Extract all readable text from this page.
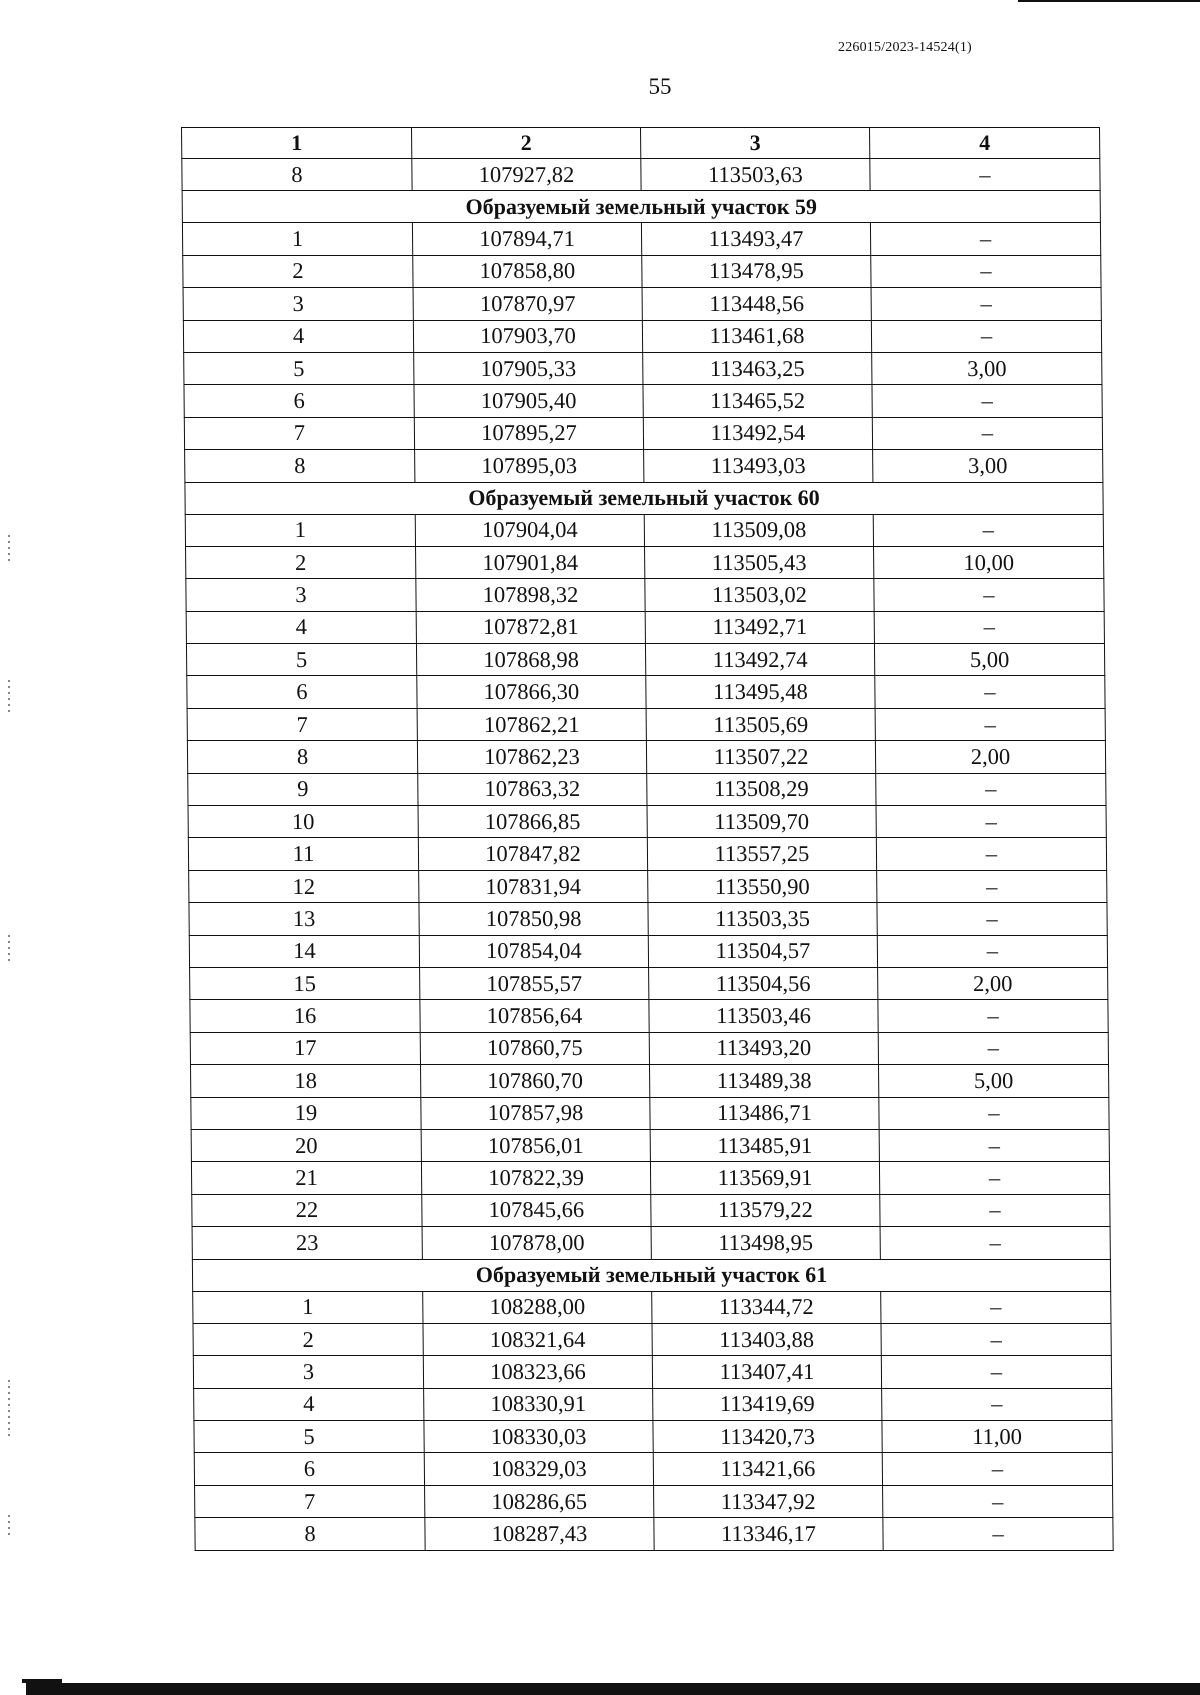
226015/2023-14524(1)
55
1	2	3	4
8	107927,82	113503,63	–
Образуемый земельный участок 59			
1	107894,71	113493,47	–
2	107858,80	113478,95	–
3	107870,97	113448,56	–
4	107903,70	113461,68	–
5	107905,33	113463,25	3,00
6	107905,40	113465,52	–
7	107895,27	113492,54	–
8	107895,03	113493,03	3,00
Образуемый земельный участок 60			
1	107904,04	113509,08	–
2	107901,84	113505,43	10,00
3	107898,32	113503,02	–
4	107872,81	113492,71	–
5	107868,98	113492,74	5,00
6	107866,30	113495,48	–
7	107862,21	113505,69	–
8	107862,23	113507,22	2,00
9	107863,32	113508,29	–
10	107866,85	113509,70	–
11	107847,82	113557,25	–
12	107831,94	113550,90	–
13	107850,98	113503,35	–
14	107854,04	113504,57	–
15	107855,57	113504,56	2,00
16	107856,64	113503,46	–
17	107860,75	113493,20	–
18	107860,70	113489,38	5,00
19	107857,98	113486,71	–
20	107856,01	113485,91	–
21	107822,39	113569,91	–
22	107845,66	113579,22	–
23	107878,00	113498,95	–
Образуемый земельный участок 61			
1	108288,00	113344,72	–
2	108321,64	113403,88	–
3	108323,66	113407,41	–
4	108330,91	113419,69	–
5	108330,03	113420,73	11,00
6	108329,03	113421,66	–
7	108286,65	113347,92	–
8	108287,43	113346,17	–
